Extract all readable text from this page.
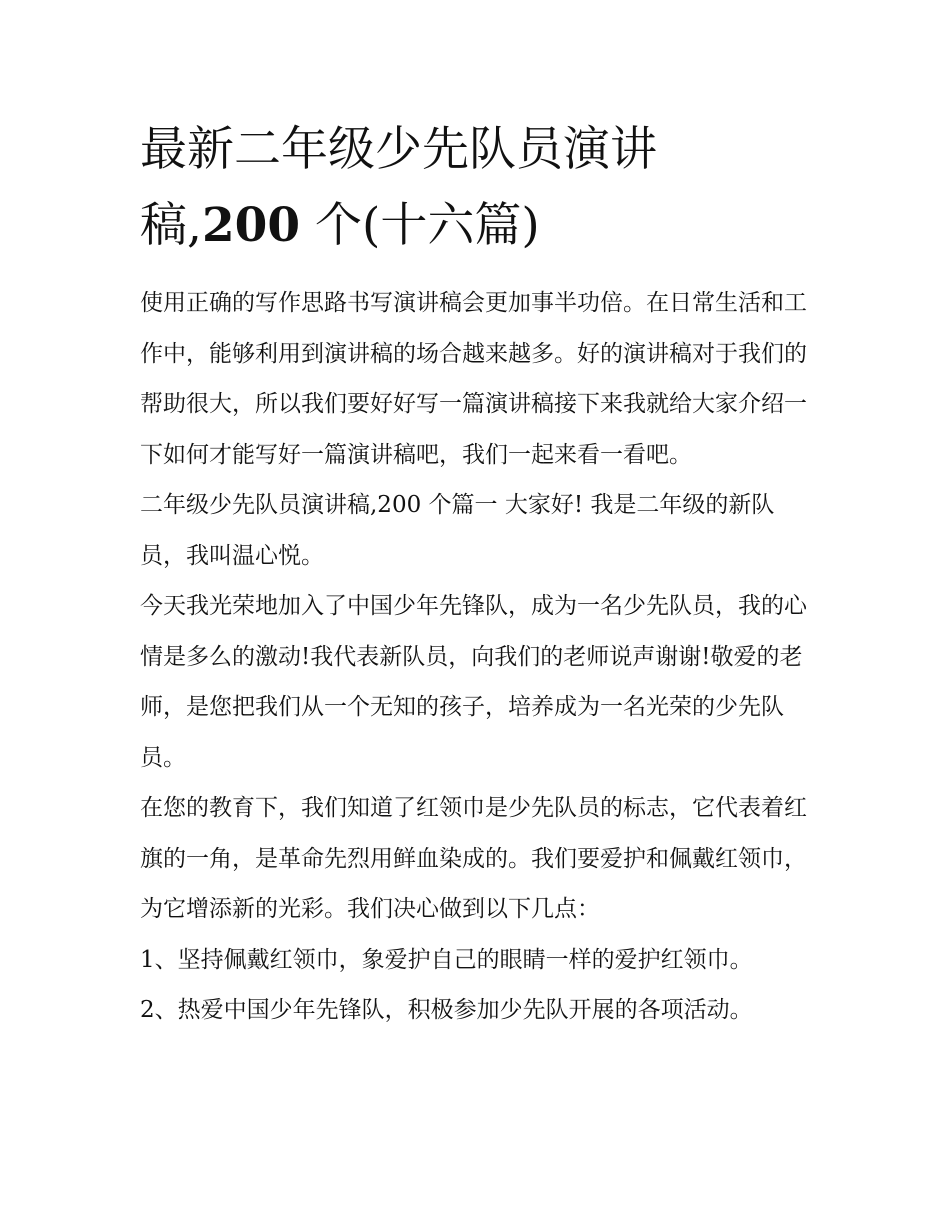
最新二年级少先队员演讲
稿,200 个(十六篇)

使用正确的写作思路书写演讲稿会更加事半功倍。在日常生活和工作中，能够利用到演讲稿的场合越来越多。好的演讲稿对于我们的帮助很大，所以我们要好好写一篇演讲稿接下来我就给大家介绍一下如何才能写好一篇演讲稿吧，我们一起来看一看吧。

二年级少先队员演讲稿,200 个篇一 大家好! 我是二年级的新队员，我叫温心悦。

今天我光荣地加入了中国少年先锋队，成为一名少先队员，我的心情是多么的激动!我代表新队员，向我们的老师说声谢谢!敬爱的老师，是您把我们从一个无知的孩子，培养成为一名光荣的少先队员。

在您的教育下，我们知道了红领巾是少先队员的标志，它代表着红旗的一角，是革命先烈用鲜血染成的。我们要爱护和佩戴红领巾，为它增添新的光彩。我们决心做到以下几点：

1、坚持佩戴红领巾，象爱护自己的眼睛一样的爱护红领巾。

2、热爱中国少年先锋队，积极参加少先队开展的各项活动。
